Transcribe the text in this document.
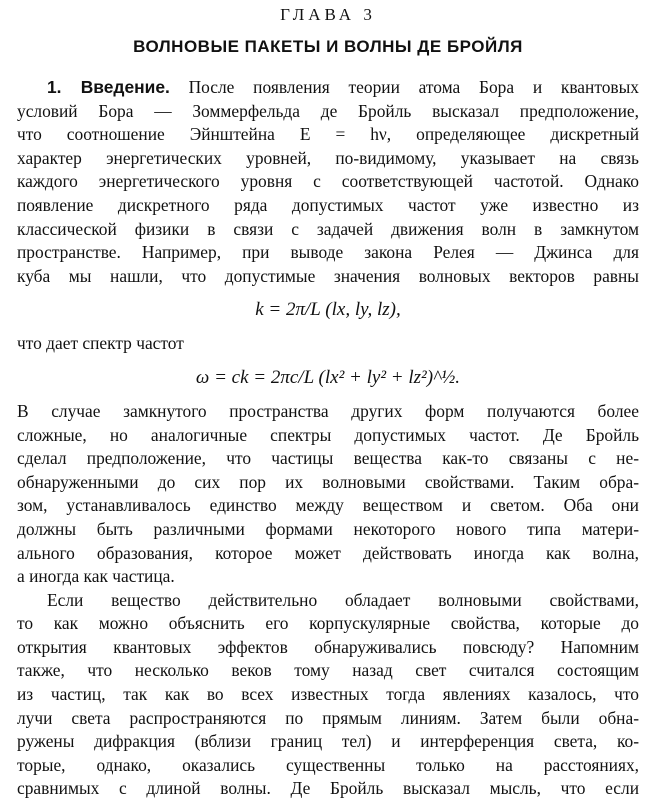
ГЛАВА 3
ВОЛНОВЫЕ ПАКЕТЫ И ВОЛНЫ ДЕ БРОЙЛЯ
1. Введение. После появления теории атома Бора и квантовых
условий Бора — Зоммерфельда де Бройль высказал предположение,
что соотношение Эйнштейна E = hν, определяющее дискретный
характер энергетических уровней, по-видимому, указывает на связь
каждого энергетического уровня с соответствующей частотой. Однако
появление дискретного ряда допустимых частот уже известно из
классической физики в связи с задачей движения волн в замкнутом
пространстве. Например, при выводе закона Релея — Джинса для
куба мы нашли, что допустимые значения волновых векторов равны
k = 2π/L (lx, ly, lz),
что дает спектр частот
ω = ck = 2πc/L (lx² + ly² + lz²)^½.
В случае замкнутого пространства других форм получаются более
сложные, но аналогичные спектры допустимых частот. Де Бройль
сделал предположение, что частицы вещества как-то связаны с не-
обнаруженными до сих пор их волновыми свойствами. Таким обра-
зом, устанавливалось единство между веществом и светом. Оба они
должны быть различными формами некоторого нового типа матери-
ального образования, которое может действовать иногда как волна,
а иногда как частица.
Если вещество действительно обладает волновыми свойствами,
то как можно объяснить его корпускулярные свойства, которые до
открытия квантовых эффектов обнаруживались повсюду? Напомним
также, что несколько веков тому назад свет считался состоящим
из частиц, так как во всех известных тогда явлениях казалось, что
лучи света распространяются по прямым линиям. Затем были обна-
ружены дифракция (вблизи границ тел) и интерференция света, ко-
торые, однако, оказались существенны только на расстояниях,
сравнимых с длиной волны. Де Бройль высказал мысль, что если
